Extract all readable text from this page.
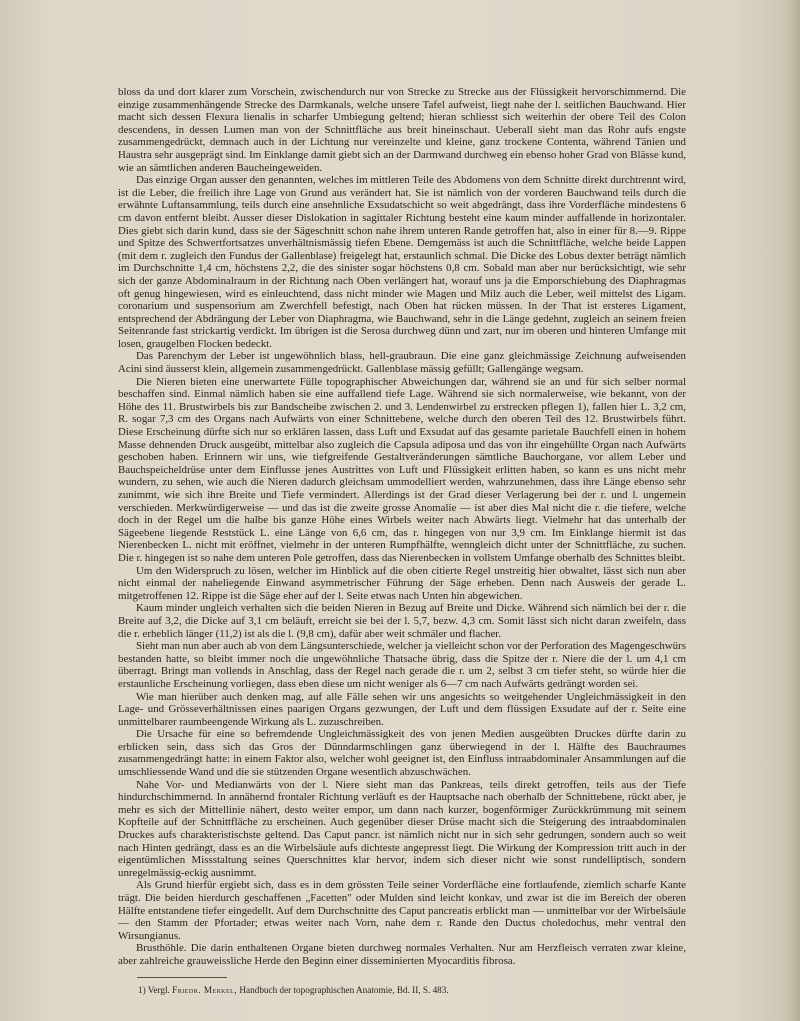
bloss da und dort klarer zum Vorschein, zwischendurch nur von Strecke zu Strecke aus der Flüssigkeit hervorschimmernd. Die einzige zusammenhängende Strecke des Darmkanals, welche unsere Tafel aufweist, liegt nahe der l. seitlichen Bauchwand. Hier macht sich dessen Flexura lienalis in scharfer Umbiegung geltend; hieran schliesst sich weiterhin der obere Teil des Colon descendens, in dessen Lumen man von der Schnittfläche aus breit hineinschaut. Ueberall sieht man das Rohr aufs engste zusammengedrückt, demnach auch in der Lichtung nur vereinzelte und kleine, ganz trockene Contenta, während Tänien und Haustra sehr ausgeprägt sind. Im Einklange damit giebt sich an der Darmwand durchweg ein ebenso hoher Grad von Blässe kund, wie an sämtlichen anderen Baucheingeweiden.

Das einzige Organ ausser den genannten, welches im mittleren Teile des Abdomens von dem Schnitte direkt durchtrennt wird, ist die Leber, die freilich ihre Lage von Grund aus verändert hat. Sie ist nämlich von der vorderen Bauchwand teils durch die erwähnte Luftansammlung, teils durch eine ansehnliche Exsudatschicht so weit abgedrängt, dass ihre Vorderfläche mindestens 6 cm davon entfernt bleibt. Ausser dieser Dislokation in sagittaler Richtung besteht eine kaum minder auffallende in horizontaler. Dies giebt sich darin kund, dass sie der Sägeschnitt schon nahe ihrem unteren Rande getroffen hat, also in einer für 8.—9. Rippe und Spitze des Schwertfortsatzes unverhältnismässig tiefen Ebene. Demgemäss ist auch die Schnittfläche, welche beide Lappen (mit dem r. zugleich den Fundus der Gallenblase) freigelegt hat, erstaunlich schmal. Die Dicke des Lobus dexter beträgt nämlich im Durchschnitte 1,4 cm, höchstens 2,2, die des sinister sogar höchstens 0,8 cm. Sobald man aber nur berücksichtigt, wie sehr sich der ganze Abdominalraum in der Richtung nach Oben verlängert hat, worauf uns ja die Emporschiebung des Diaphragmas oft genug hingewiesen, wird es einleuchtend, dass nicht minder wie Magen und Milz auch die Leber, weil mittelst des Ligam. coronarium und suspensorium am Zwerchfell befestigt, nach Oben hat rücken müssen. In der That ist ersteres Ligament, entsprechend der Abdrängung der Leber von Diaphragma, wie Bauchwand, sehr in die Länge gedehnt, zugleich an seinem freien Seitenrande fast strickartig verdickt. Im übrigen ist die Serosa durchweg dünn und zart, nur im oberen und hinteren Umfange mit losen, graugelben Flocken bedeckt.

Das Parenchym der Leber ist ungewöhnlich blass, hell-graubraun. Die eine ganz gleichmässige Zeichnung aufweisenden Acini sind äusserst klein, allgemein zusammengedrückt. Gallenblase mässig gefüllt; Gallengänge wegsam.

Die Nieren bieten eine unerwartete Fülle topographischer Abweichungen dar, während sie an und für sich selber normal beschaffen sind. Einmal nämlich haben sie eine auffallend tiefe Lage. Während sie sich normalerweise, wie bekannt, von der Höhe des 11. Brustwirbels bis zur Bandscheibe zwischen 2. und 3. Lendenwirbel zu erstrecken pflegen 1), fallen hier L. 3,2 cm, R. sogar 7,3 cm des Organs nach Aufwärts von einer Schnittebene, welche durch den oberen Teil des 12. Brustwirbels führt. Diese Erscheinung dürfte sich nur so erklären lassen, dass Luft und Exsudat auf das gesamte parietale Bauchfell einen in hohem Masse dehnenden Druck ausgeübt, mittelbar also zugleich die Capsula adiposa und das von ihr eingehüllte Organ nach Aufwärts geschoben haben. Erinnern wir uns, wie tiefgreifende Gestaltveränderungen sämtliche Bauchorgane, vor allem Leber und Bauchspeicheldrüse unter dem Einflusse jenes Austrittes von Luft und Flüssigkeit erlitten haben, so kann es uns nicht mehr wundern, zu sehen, wie auch die Nieren dadurch gleichsam ummodelliert werden, wahrzunehmen, dass ihre Länge ebenso sehr zunimmt, wie sich ihre Breite und Tiefe vermindert. Allerdings ist der Grad dieser Verlagerung bei der r. und l. ungemein verschieden. Merkwürdigerweise — und das ist die zweite grosse Anomalie — ist aber dies Mal nicht die r. die tiefere, welche doch in der Regel um die halbe bis ganze Höhe eines Wirbels weiter nach Abwärts liegt. Vielmehr hat das unterhalb der Sägeebene liegende Reststück L. eine Länge von 6,6 cm, das r. hingegen von nur 3,9 cm. Im Einklange hiermit ist das Nierenbecken L. nicht mit eröffnet, vielmehr in der unteren Rumpfhälfte, wenngleich dicht unter der Schnittfläche, zu suchen. Die r. hingegen ist so nahe dem unteren Pole getroffen, dass das Nierenbecken in vollstem Umfange oberhalb des Schnittes bleibt.

Um den Widerspruch zu lösen, welcher im Hinblick auf die oben citierte Regel unstreitig hier obwaltet, lässt sich nun aber nicht einmal der naheliegende Einwand asymmetrischer Führung der Säge erheben. Denn nach Ausweis der gerade L. mitgetroffenen 12. Rippe ist die Säge eher auf der l. Seite etwas nach Unten hin abgewichen.

Kaum minder ungleich verhalten sich die beiden Nieren in Bezug auf Breite und Dicke. Während sich nämlich bei der r. die Breite auf 3,2, die Dicke auf 3,1 cm beläuft, erreicht sie bei der l. 5,7, bezw. 4,3 cm. Somit lässt sich nicht daran zweifeln, dass die r. erheblich länger (11,2) ist als die l. (9,8 cm), dafür aber weit schmäler und flacher.

Sieht man nun aber auch ab von dem Längsunterschiede, welcher ja vielleicht schon vor der Perforation des Magengeschwürs bestanden hatte, so bleibt immer noch die ungewöhnliche Thatsache übrig, dass die Spitze der r. Niere die der l. um 4,1 cm überragt. Bringt man vollends in Anschlag, dass der Regel nach gerade die r. um 2, selbst 3 cm tiefer steht, so würde hier die erstaunliche Erscheinung vorliegen, dass eben diese um nicht weniger als 6—7 cm nach Aufwärts gedrängt worden sei.

Wie man hierüber auch denken mag, auf alle Fälle sehen wir uns angesichts so weitgehender Ungleichmässigkeit in den Lage- und Grösseverhältnissen eines paarigen Organs gezwungen, der Luft und dem flüssigen Exsudate auf der r. Seite eine unmittelbarer raumbeengende Wirkung als L. zuzuschreiben.

Die Ursache für eine so befremdende Ungleichmässigkeit des von jenen Medien ausgeübten Druckes dürfte darin zu erblicken sein, dass sich das Gros der Dünndarmschlingen ganz überwiegend in der l. Hälfte des Bauchraumes zusammengedrängt hatte: in einem Faktor also, welcher wohl geeignet ist, den Einfluss intraabdominaler Ansammlungen auf die umschliessende Wand und die sie stützenden Organe wesentlich abzuschwächen.

Nahe Vor- und Medianwärts von der l. Niere sieht man das Pankreas, teils direkt getroffen, teils aus der Tiefe hindurchschimmernd. In annähernd frontaler Richtung verläuft es der Hauptsache nach oberhalb der Schnittebene, rückt aber, je mehr es sich der Mittellinie nähert, desto weiter empor, um dann nach kurzer, bogenförmiger Zurückkrümmung mit seinem Kopfteile auf der Schnittfläche zu erscheinen. Auch gegenüber dieser Drüse macht sich die Steigerung des intraabdominalen Druckes aufs charakteristischste geltend. Das Caput pancr. ist nämlich nicht nur in sich sehr gedrungen, sondern auch so weit nach Hinten gedrängt, dass es an die Wirbelsäule aufs dichteste angepresst liegt. Die Wirkung der Kompression tritt auch in der eigentümlichen Missstaltung seines Querschnittes klar hervor, indem sich dieser nicht wie sonst rundelliptisch, sondern unregelmässig-eckig ausnimmt.

Als Grund hierfür ergiebt sich, dass es in dem grössten Teile seiner Vorderfläche eine fortlaufende, ziemlich scharfe Kante trägt. Die beiden hierdurch geschaffenen „Facetten" oder Mulden sind leicht konkav, und zwar ist die im Bereich der oberen Hälfte entstandene tiefer eingedellt. Auf dem Durchschnitte des Caput pancreatis erblickt man — unmittelbar vor der Wirbelsäule — den Stamm der Pfortader; etwas weiter nach Vorn, nahe dem r. Rande den Ductus choledochus, mehr ventral den Wirsungianus.

Brusthöhle. Die darin enthaltenen Organe bieten durchweg normales Verhalten. Nur am Herzfleisch verraten zwar kleine, aber zahlreiche grauweissliche Herde den Beginn einer disseminierten Myocarditis fibrosa.

1) Vergl. Friedr. Merkel, Handbuch der topographischen Anatomie, Bd. II, S. 483.
